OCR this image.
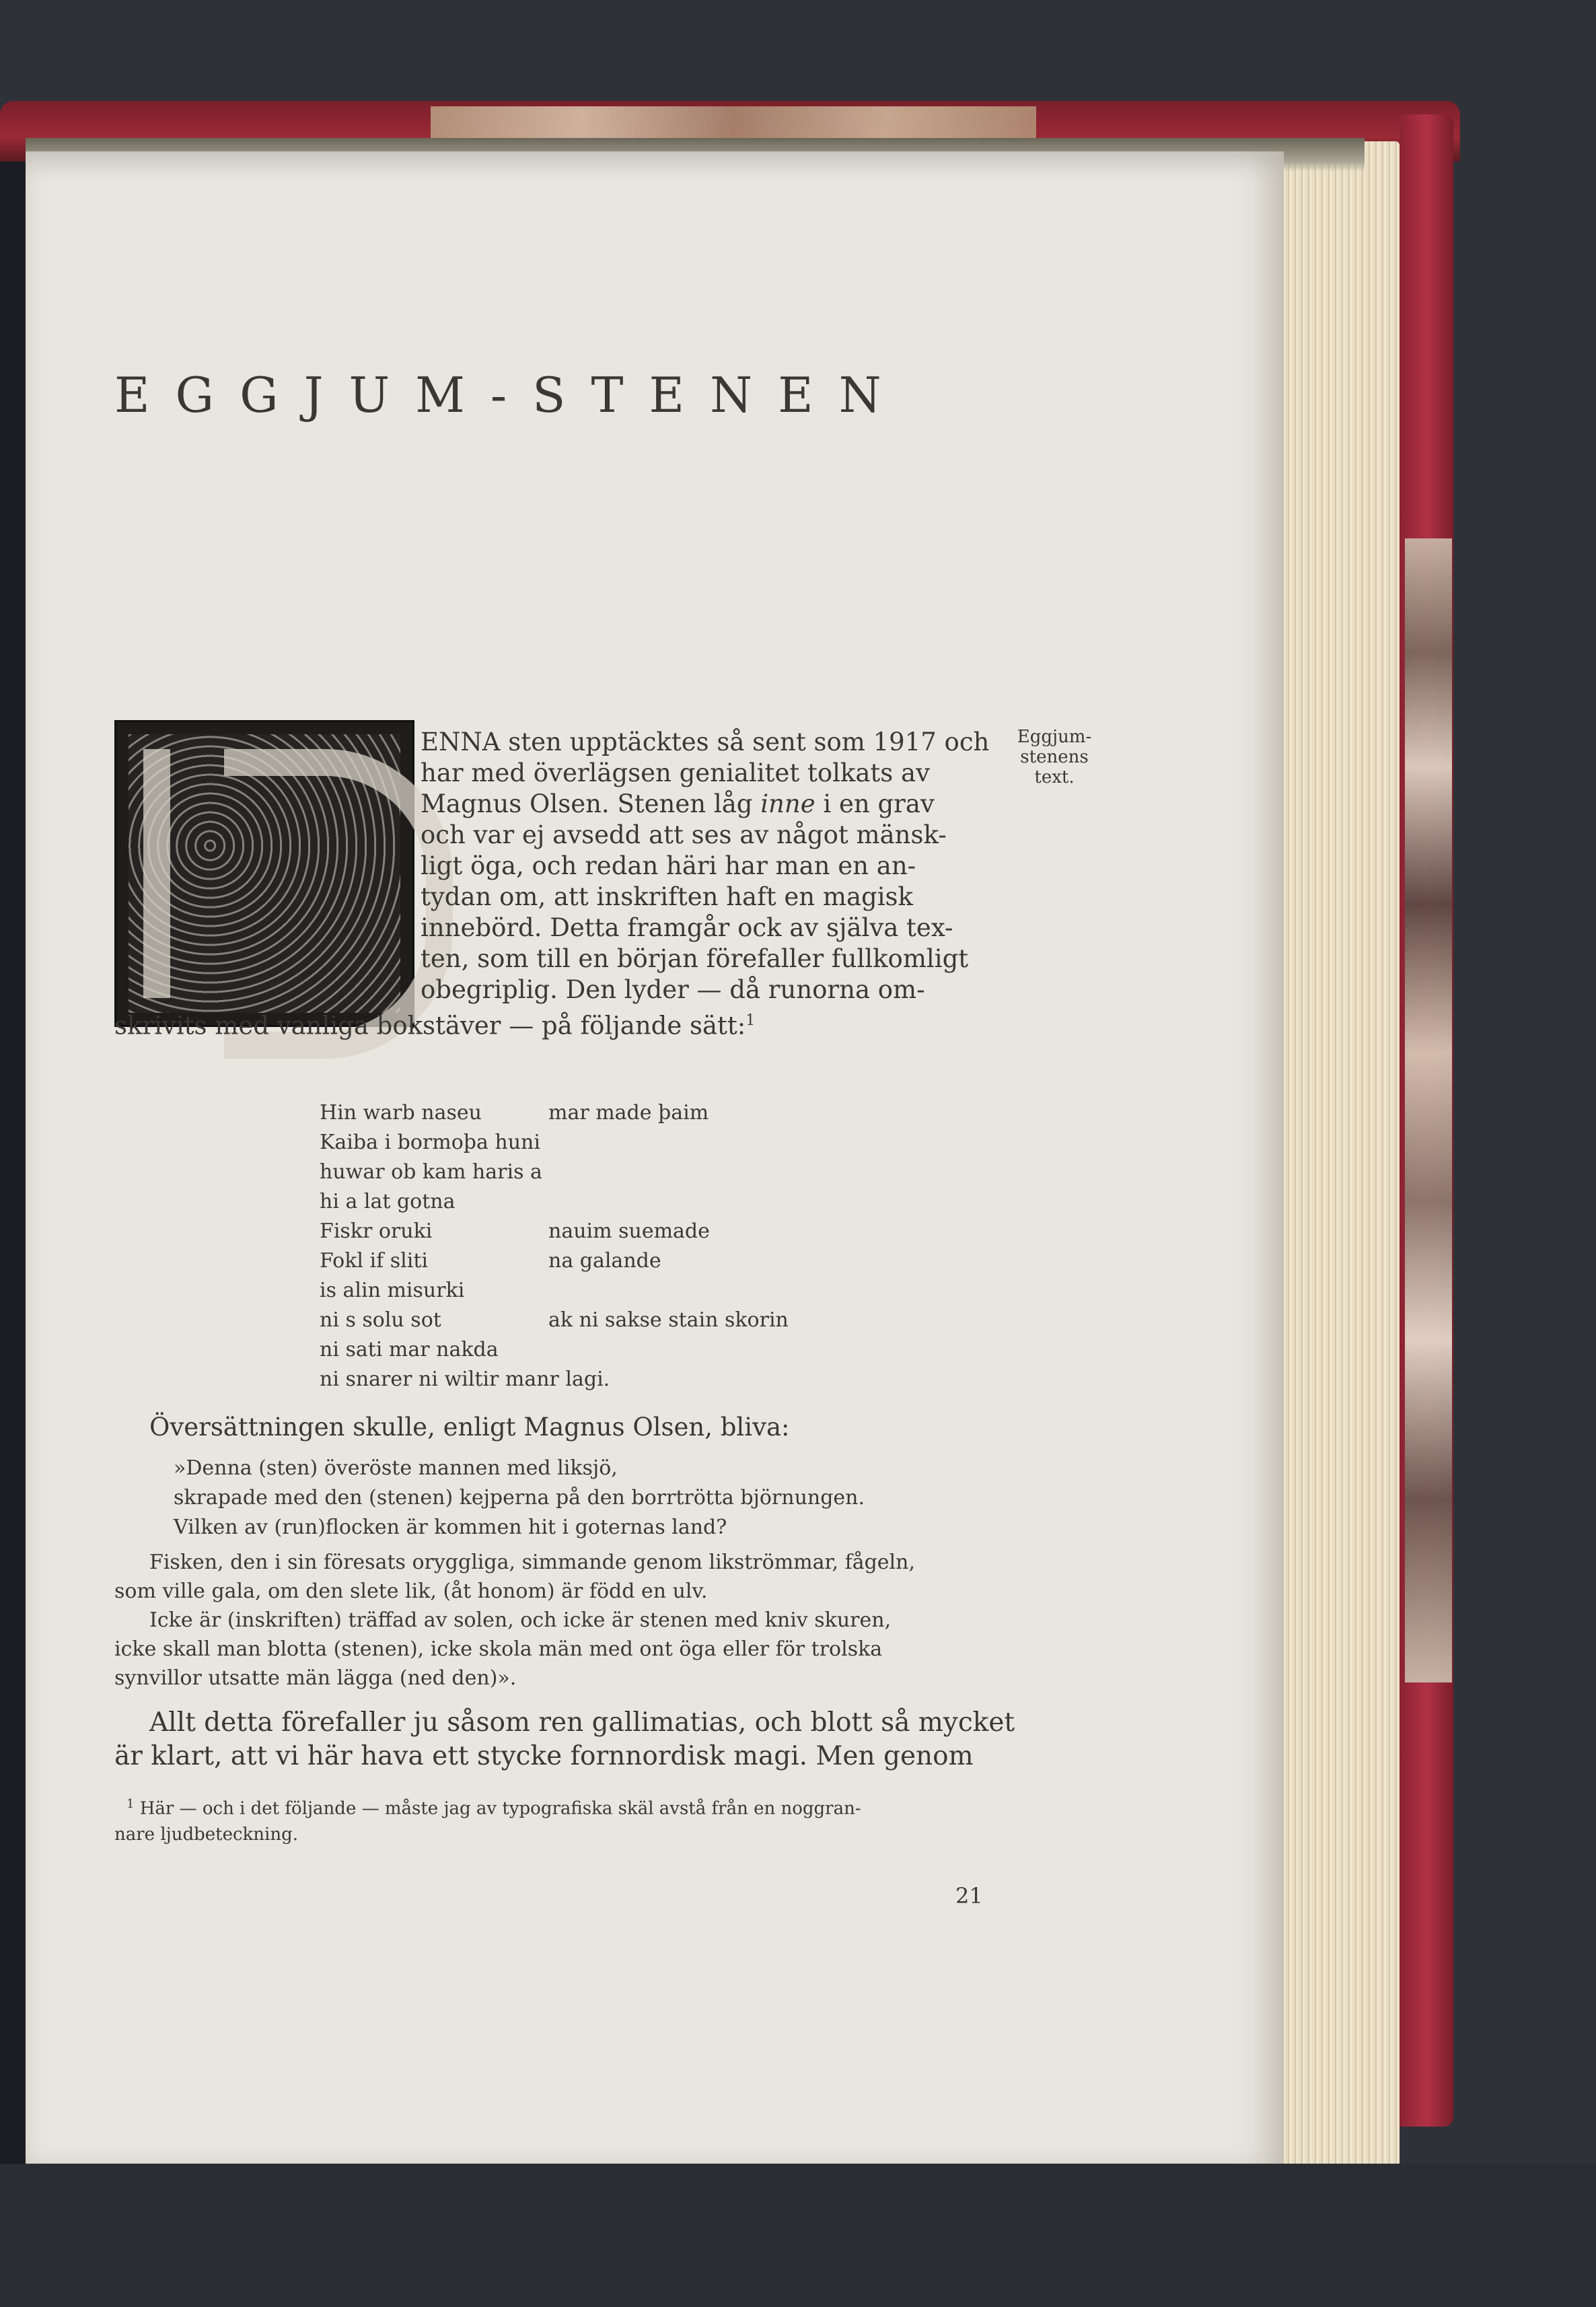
EGGJUM-STENEN
Eggjum-
stenens
text.
ENNA sten upptäcktes så sent som 1917 och
har med överlägsen genialitet tolkats av
Magnus Olsen. Stenen låg inne i en grav
och var ej avsedd att ses av något mänsk-
ligt öga, och redan häri har man en an-
tydan om, att inskriften haft en magisk
innebörd. Detta framgår ock av själva tex-
ten, som till en början förefaller fullkomligt
obegriplig. Den lyder — då runorna om-
skrivits med vanliga bokstäver — på följande sätt:$^1$
Hin warb naseu	mar made þaim
Kaiba i bormoþa huni
huwar ob kam haris a
hi a lat gotna
Fiskr oruki	nauim suemade
Fokl if sliti	na galande
is alin misurki
ni s solu sot	ak ni sakse stain skorin
ni sati mar nakda
ni snarer ni wiltir manr lagi.
Översättningen skulle, enligt Magnus Olsen, bliva:
»Denna (sten) överöste mannen med liksjö,
skrapade med den (stenen) kejperna på den borrtrötta björnungen.
Vilken av (run)flocken är kommen hit i goternas land?
Fisken, den i sin föresats oryggliga, simmande genom likströmmar, fågeln,
som ville gala, om den slete lik, (åt honom) är född en ulv.
Icke är (inskriften) träffad av solen, och icke är stenen med kniv skuren,
icke skall man blotta (stenen), icke skola män med ont öga eller för trolska
synvillor utsatte män lägga (ned den)».
Allt detta förefaller ju såsom ren gallimatias, och blott så mycket
är klart, att vi här hava ett stycke fornnordisk magi. Men genom
$^1$ Här — och i det följande — måste jag av typografiska skäl avstå från en noggran-
nare ljudbeteckning.
21
